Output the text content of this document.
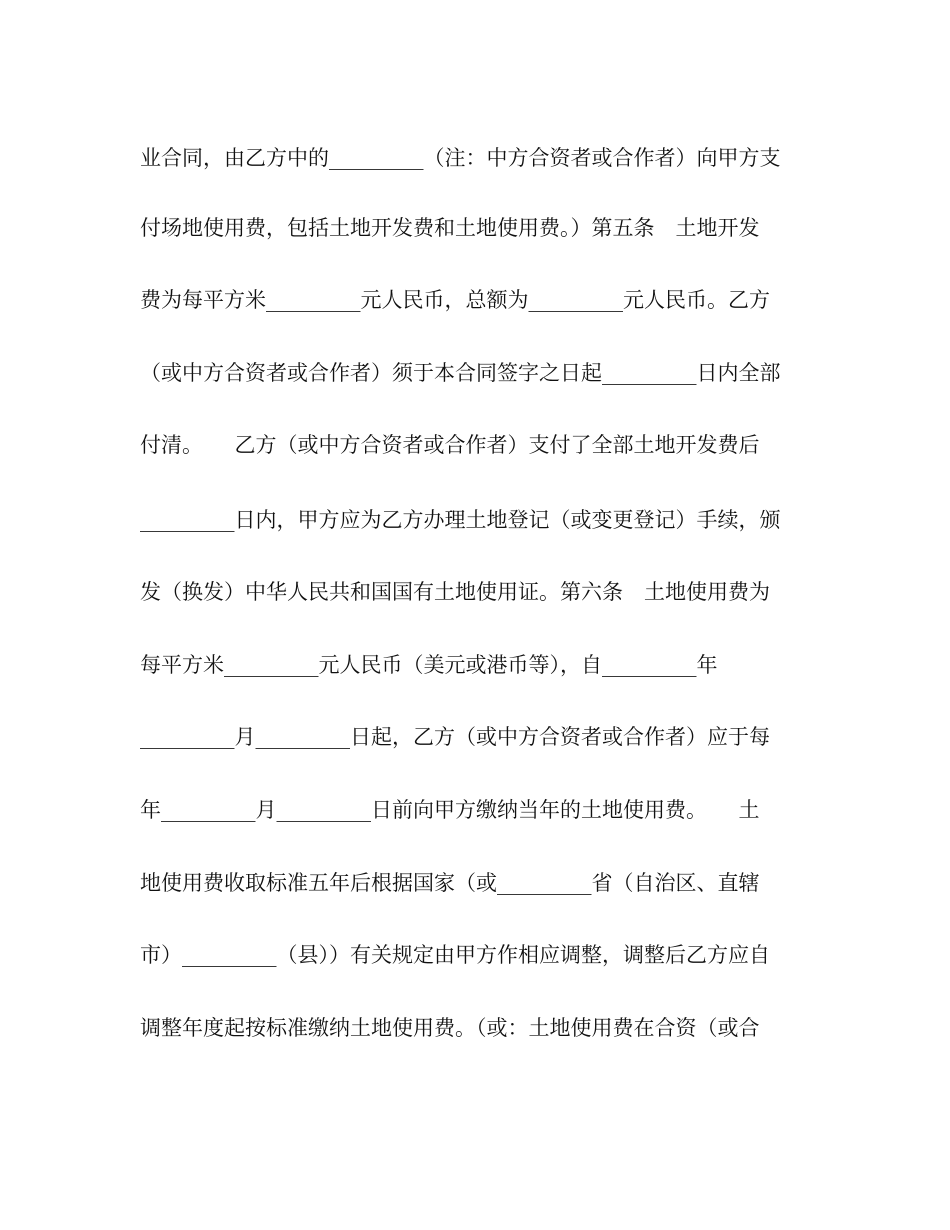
业合同，由乙方中的_________（注：中方合资者或合作者）向甲方支
付场地使用费，包括土地开发费和土地使用费。）第五条　土地开发
费为每平方米_________元人民币，总额为_________元人民币。乙方
（或中方合资者或合作者）须于本合同签字之日起_________日内全部
付清。　　乙方（或中方合资者或合作者）支付了全部土地开发费后
_________日内，甲方应为乙方办理土地登记（或变更登记）手续，颁
发（换发）中华人民共和国国有土地使用证。第六条　土地使用费为
每平方米_________元人民币（美元或港币等），自_________年
_________月_________日起，乙方（或中方合资者或合作者）应于每
年_________月_________日前向甲方缴纳当年的土地使用费。　　土
地使用费收取标准五年后根据国家（或_________省（自治区、直辖
市）_________（县））有关规定由甲方作相应调整，调整后乙方应自
调整年度起按标准缴纳土地使用费。（或：土地使用费在合资（或合
